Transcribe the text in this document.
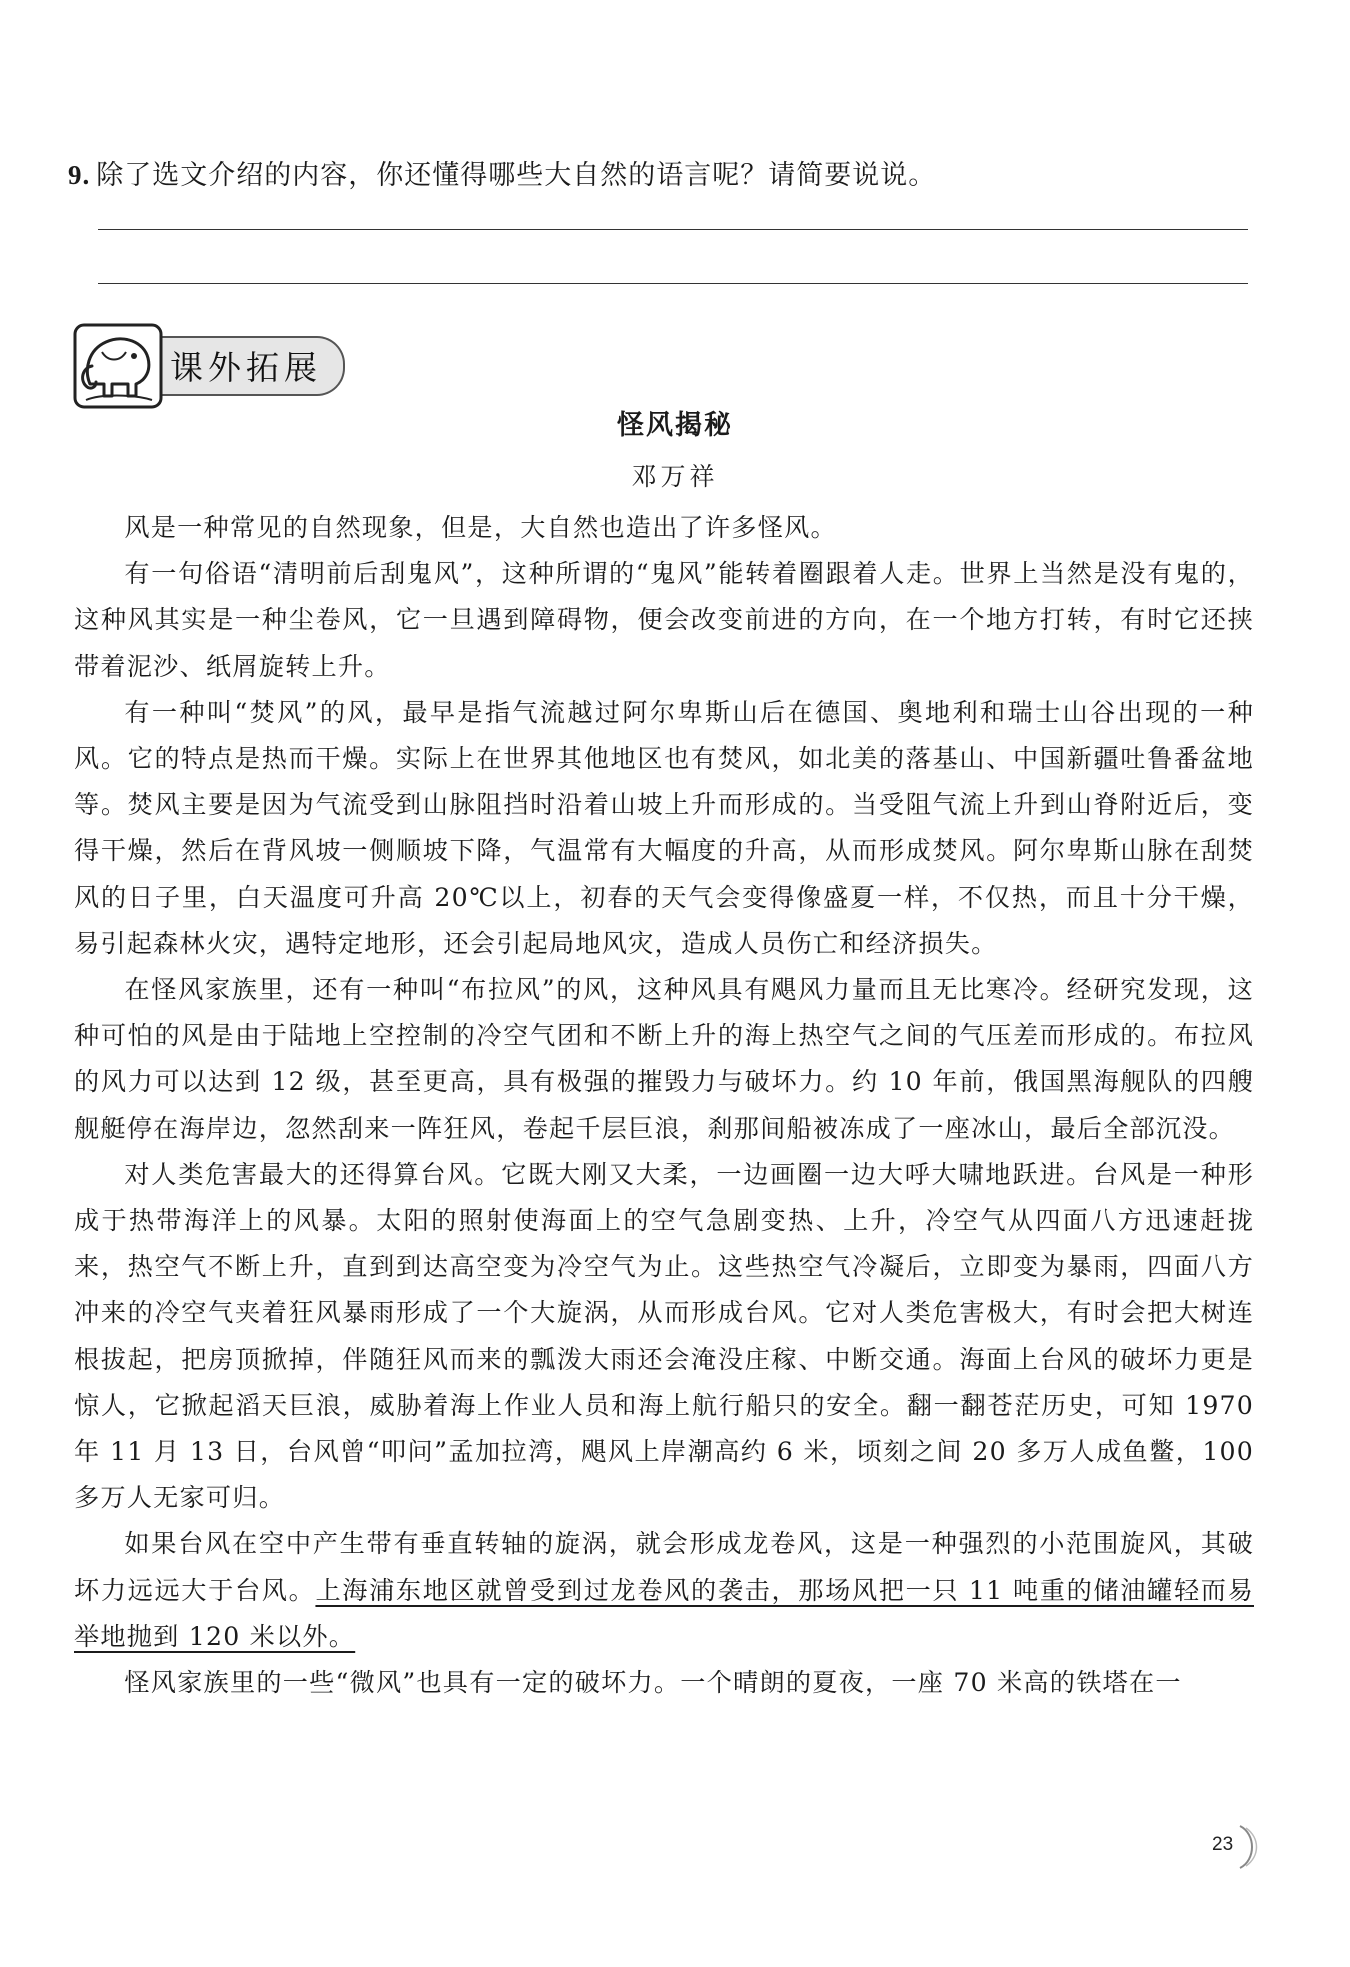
9. 除了选文介绍的内容，你还懂得哪些大自然的语言呢？请简要说说。
课外拓展
怪风揭秘
邓万祥

风是一种常见的自然现象，但是，大自然也造出了许多怪风。

有一句俗语“清明前后刮鬼风”，这种所谓的“鬼风”能转着圈跟着人走。世界上当然是没有鬼的，这种风其实是一种尘卷风，它一旦遇到障碍物，便会改变前进的方向，在一个地方打转，有时它还挟带着泥沙、纸屑旋转上升。

有一种叫“焚风”的风，最早是指气流越过阿尔卑斯山后在德国、奥地利和瑞士山谷出现的一种风。它的特点是热而干燥。实际上在世界其他地区也有焚风，如北美的落基山、中国新疆吐鲁番盆地等。焚风主要是因为气流受到山脉阻挡时沿着山坡上升而形成的。当受阻气流上升到山脊附近后，变得干燥，然后在背风坡一侧顺坡下降，气温常有大幅度的升高，从而形成焚风。阿尔卑斯山脉在刮焚风的日子里，白天温度可升高 20℃以上，初春的天气会变得像盛夏一样，不仅热，而且十分干燥，易引起森林火灾，遇特定地形，还会引起局地风灾，造成人员伤亡和经济损失。

在怪风家族里，还有一种叫“布拉风”的风，这种风具有飓风力量而且无比寒冷。经研究发现，这种可怕的风是由于陆地上空控制的冷空气团和不断上升的海上热空气之间的气压差而形成的。布拉风的风力可以达到 12 级，甚至更高，具有极强的摧毁力与破坏力。约 10 年前，俄国黑海舰队的四艘舰艇停在海岸边，忽然刮来一阵狂风，卷起千层巨浪，刹那间船被冻成了一座冰山，最后全部沉没。

对人类危害最大的还得算台风。它既大刚又大柔，一边画圈一边大呼大啸地跃进。台风是一种形成于热带海洋上的风暴。太阳的照射使海面上的空气急剧变热、上升，冷空气从四面八方迅速赶拢来，热空气不断上升，直到到达高空变为冷空气为止。这些热空气冷凝后，立即变为暴雨，四面八方冲来的冷空气夹着狂风暴雨形成了一个大旋涡，从而形成台风。它对人类危害极大，有时会把大树连根拔起，把房顶掀掉，伴随狂风而来的瓢泼大雨还会淹没庄稼、中断交通。海面上台风的破坏力更是惊人，它掀起滔天巨浪，威胁着海上作业人员和海上航行船只的安全。翻一翻苍茫历史，可知 1970 年 11 月 13 日，台风曾“叩问”孟加拉湾，飓风上岸潮高约 6 米，顷刻之间 20 多万人成鱼鳖，100 多万人无家可归。

如果台风在空中产生带有垂直转轴的旋涡，就会形成龙卷风，这是一种强烈的小范围旋风，其破坏力远远大于台风。上海浦东地区就曾受到过龙卷风的袭击，那场风把一只 11 吨重的储油罐轻而易举地抛到 120 米以外。

怪风家族里的一些“微风”也具有一定的破坏力。一个晴朗的夏夜，一座 70 米高的铁塔在一

23
